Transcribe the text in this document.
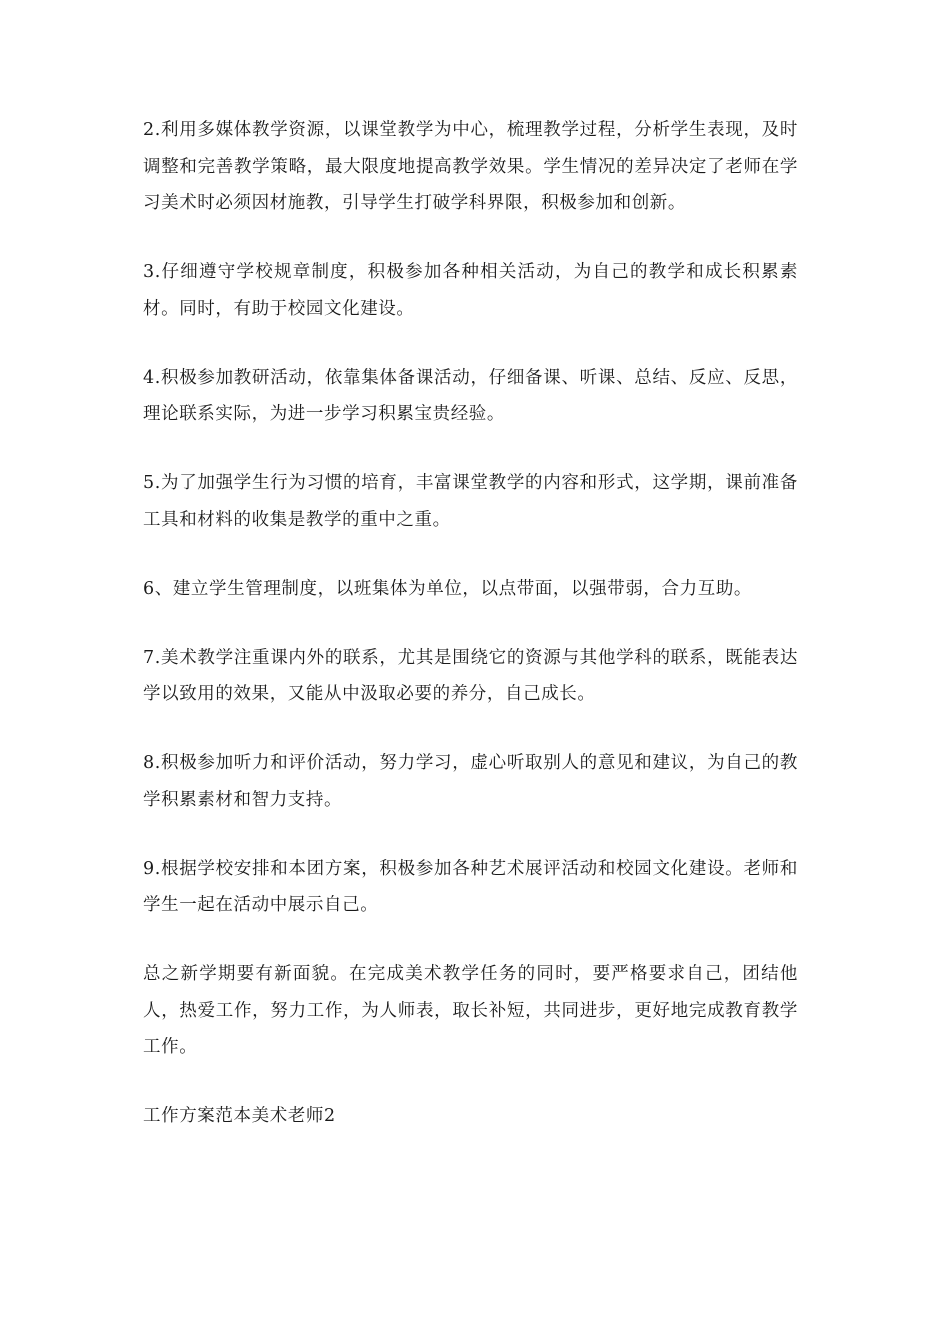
2.利用多媒体教学资源，以课堂教学为中心，梳理教学过程，分析学生表现，及时调整和完善教学策略，最大限度地提高教学效果。学生情况的差异决定了老师在学习美术时必须因材施教，引导学生打破学科界限，积极参加和创新。

3.仔细遵守学校规章制度，积极参加各种相关活动，为自己的教学和成长积累素材。同时，有助于校园文化建设。

4.积极参加教研活动，依靠集体备课活动，仔细备课、听课、总结、反应、反思，理论联系实际，为进一步学习积累宝贵经验。

5.为了加强学生行为习惯的培育，丰富课堂教学的内容和形式，这学期，课前准备工具和材料的收集是教学的重中之重。

6、建立学生管理制度，以班集体为单位，以点带面，以强带弱，合力互助。

7.美术教学注重课内外的联系，尤其是围绕它的资源与其他学科的联系，既能表达学以致用的效果，又能从中汲取必要的养分，自己成长。

8.积极参加听力和评价活动，努力学习，虚心听取别人的意见和建议，为自己的教学积累素材和智力支持。

9.根据学校安排和本团方案，积极参加各种艺术展评活动和校园文化建设。老师和学生一起在活动中展示自己。

总之新学期要有新面貌。在完成美术教学任务的同时，要严格要求自己，团结他人，热爱工作，努力工作，为人师表，取长补短，共同进步，更好地完成教育教学工作。

工作方案范本美术老师2
